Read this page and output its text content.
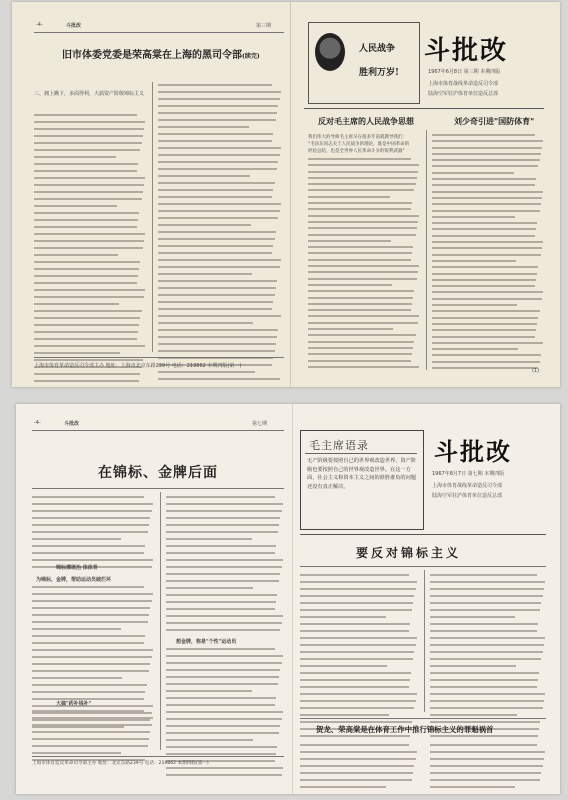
-4-	斗批改	第三期
旧市体委党委是荣高棠在上海的黑司令部(续完)
三、拥上瞒下，多面得利，大搞资产阶级锦标主义
上海市体育革命造反司令部主办 地址：上海市北京东路239号 电话：219862 本期四版(第一)
人民战争
胜利万岁!
斗批改
1967年6月8日 第三期 本期四版
上海市体育战线革命造反司令部
陆海空军驻沪体育单位造反总部
反对毛主席的人民战争思想	刘少奇引进"国防体育"
我们伟大的导师毛主席早在很多年前就教导我们：
"毛泽东同志关于人民战争的理论，既是中国革命的
经验总结，也是全世界人民革命斗争的锐利武器"
(1)
-4-	斗批改	第七期
在锦标、金牌后面
锦标撑统治 体体育
为锦标，金牌，帮助运动员破烂坏
大搞"药补钱补"
想金牌，称是"个性"运动员
上海市体育造反革命司令部主办 地址：北京东路239号 电话：219862 本期四版(第一)
毛主席语录
无产阶级要按照自己的世界观改造世界，资产阶级也要按照自己的世界观改造世界。在这一方面，社会主义和资本主义之间的谁胜谁负的问题还没有真正解决。
斗批改
1967年8月7日 第七期 本期四版
上海市体育战线革命造反司令部
陆海空军驻沪体育单位造反总部
要反对锦标主义
贺龙、荣高棠是在体育工作中推行锦标主义的罪魁祸首
